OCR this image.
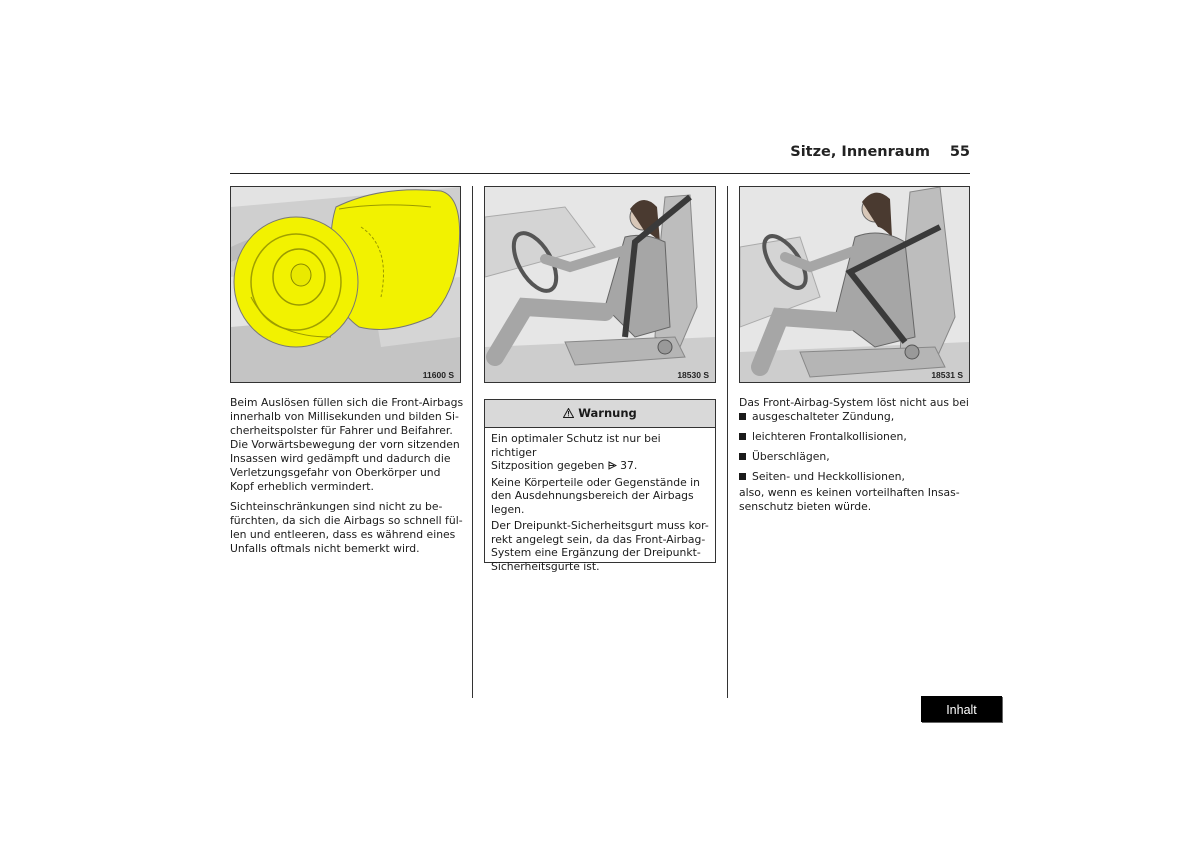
Sitze, Innenraum	55
11600 S	18530 S	18531 S

Beim Auslösen füllen sich die Front-Airbags
innerhalb von Millisekunden und bilden Si-
cherheitspolster für Fahrer und Beifahrer.
Die Vorwärtsbewegung der vorn sitzenden
Insassen wird gedämpft und dadurch die
Verletzungsgefahr von Oberkörper und
Kopf erheblich vermindert.

Sichteinschränkungen sind nicht zu be-
fürchten, da sich die Airbags so schnell fül-
len und entleeren, dass es während eines
Unfalls oftmals nicht bemerkt wird.

Warnung

Ein optimaler Schutz ist nur bei richtiger
Sitzposition gegeben 37.

Keine Körperteile oder Gegenstände in
den Ausdehnungsbereich der Airbags
legen.

Der Dreipunkt-Sicherheitsgurt muss kor-
rekt angelegt sein, da das Front-Airbag-
System eine Ergänzung der Dreipunkt-
Sicherheitsgurte ist.

Das Front-Airbag-System löst nicht aus bei

ausgeschalteter Zündung,
leichteren Frontalkollisionen,
Überschlägen,
Seiten- und Heckkollisionen,

also, wenn es keinen vorteilhaften Insas-
senschutz bieten würde.

Inhalt
